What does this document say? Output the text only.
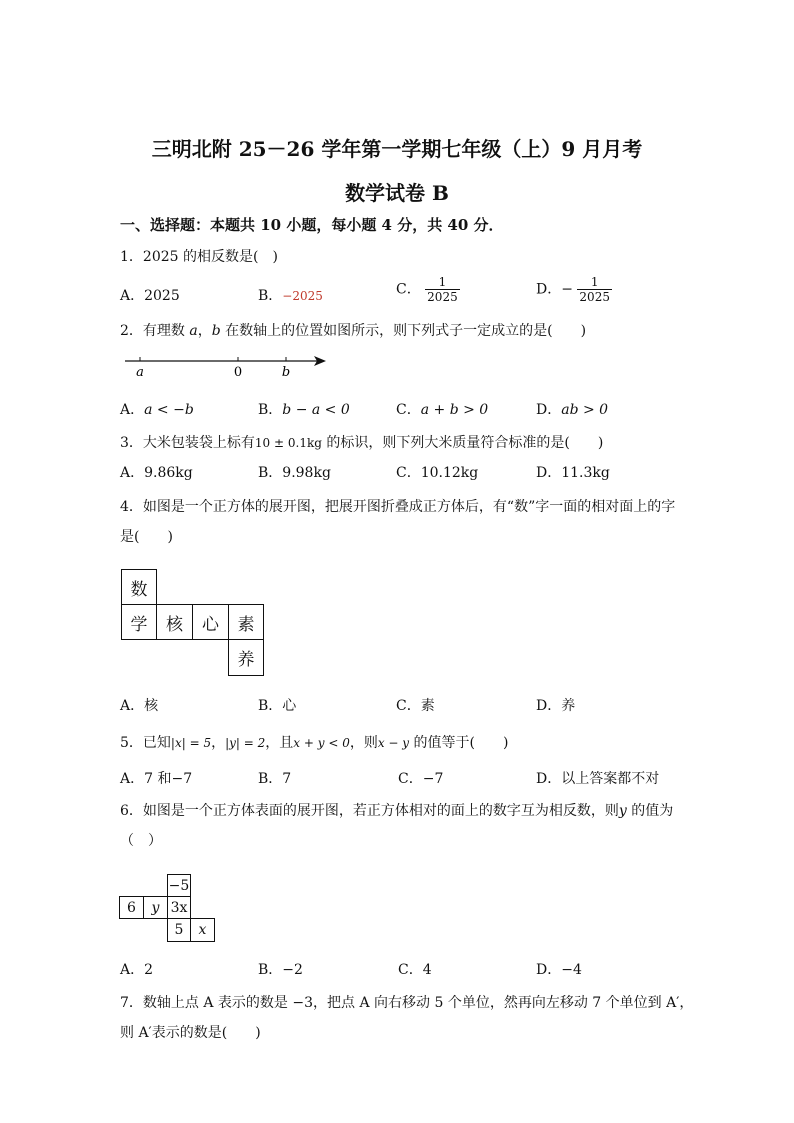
三明北附 25－26 学年第一学期七年级（上）9 月月考
数学试卷 B
一、选择题：本题共 10 小题，每小题 4 分，共 40 分．
1．2025 的相反数是(　)
A．2025	B．−2025	C． $\frac{1}{2025}$	D．− $\frac{1}{2025}$
2．有理数 a，b 在数轴上的位置如图所示，则下列式子一定成立的是(　　)
a	0	b
A．a < −b	B．b − a < 0	C．a + b > 0	D．ab > 0
3．大米包装袋上标有10 ± 0.1kg 的标识，则下列大米质量符合标准的是(　　)
A．9.86kg	B．9.98kg	C．10.12kg	D．11.3kg
4．如图是一个正方体的展开图，把展开图折叠成正方体后，有“数”字一面的相对面上的字
是(　　)
数
学	核	心	素
养
A．核	B．心	C．素	D．养
5．已知|x| = 5，|y| = 2，且x + y < 0，则x − y 的值等于(　　)
A．7 和−7	B．7	C．−7	D．以上答案都不对
6．如图是一个正方体表面的展开图，若正方体相对的面上的数字互为相反数，则y 的值为
（　）
−5
6	y 3x
5	x
A．2	B．−2	C．4	D．−4
7．数轴上点 A 表示的数是 −3，把点 A 向右移动 5 个单位，然再向左移动 7 个单位到 A′，
则 A′表示的数是(　　)
